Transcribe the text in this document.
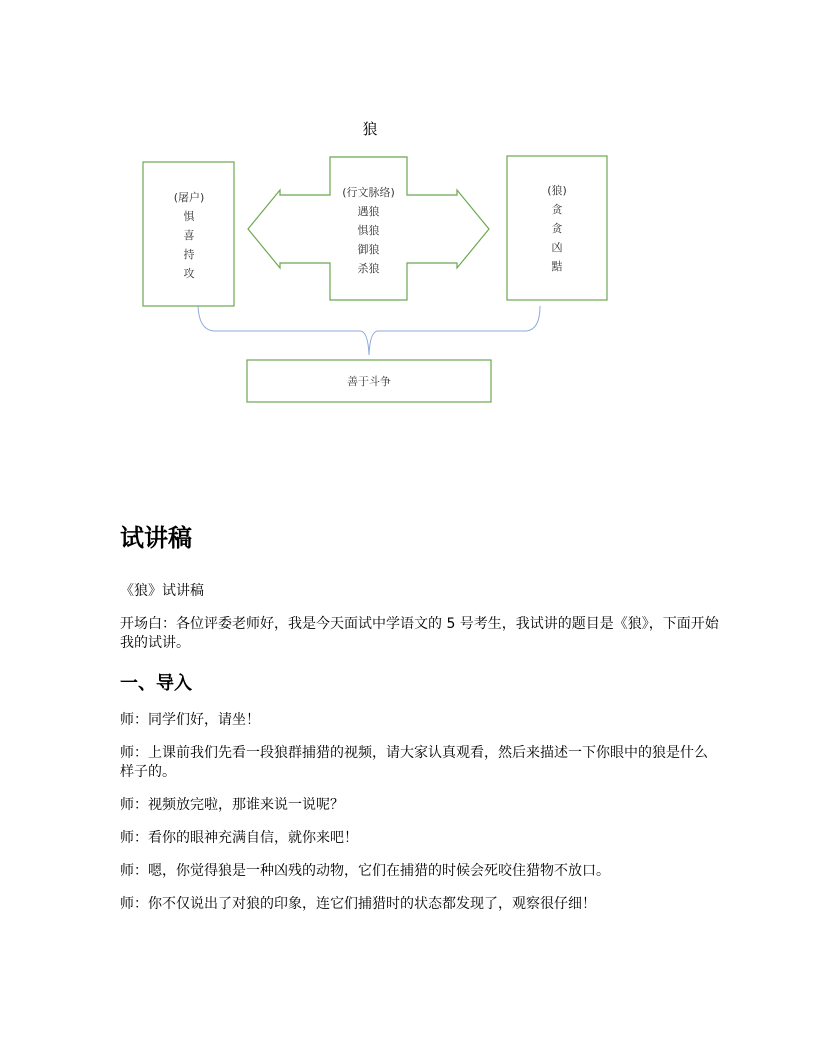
狼
(屠户)
惧
喜
持
攻
(行文脉络)
遇狼
惧狼
御狼
杀狼
(狼)
贪
贪
凶
黠
善于斗争
试讲稿

《狼》试讲稿

开场白：各位评委老师好，我是今天面试中学语文的 5 号考生，我试讲的题目是《狼》，下面开始我的试讲。

一、导入

师：同学们好，请坐！

师：上课前我们先看一段狼群捕猎的视频，请大家认真观看，然后来描述一下你眼中的狼是什么样子的。

师：视频放完啦，那谁来说一说呢？

师：看你的眼神充满自信，就你来吧！

师：嗯，你觉得狼是一种凶残的动物，它们在捕猎的时候会死咬住猎物不放口。

师：你不仅说出了对狼的印象，连它们捕猎时的状态都发现了，观察很仔细！
